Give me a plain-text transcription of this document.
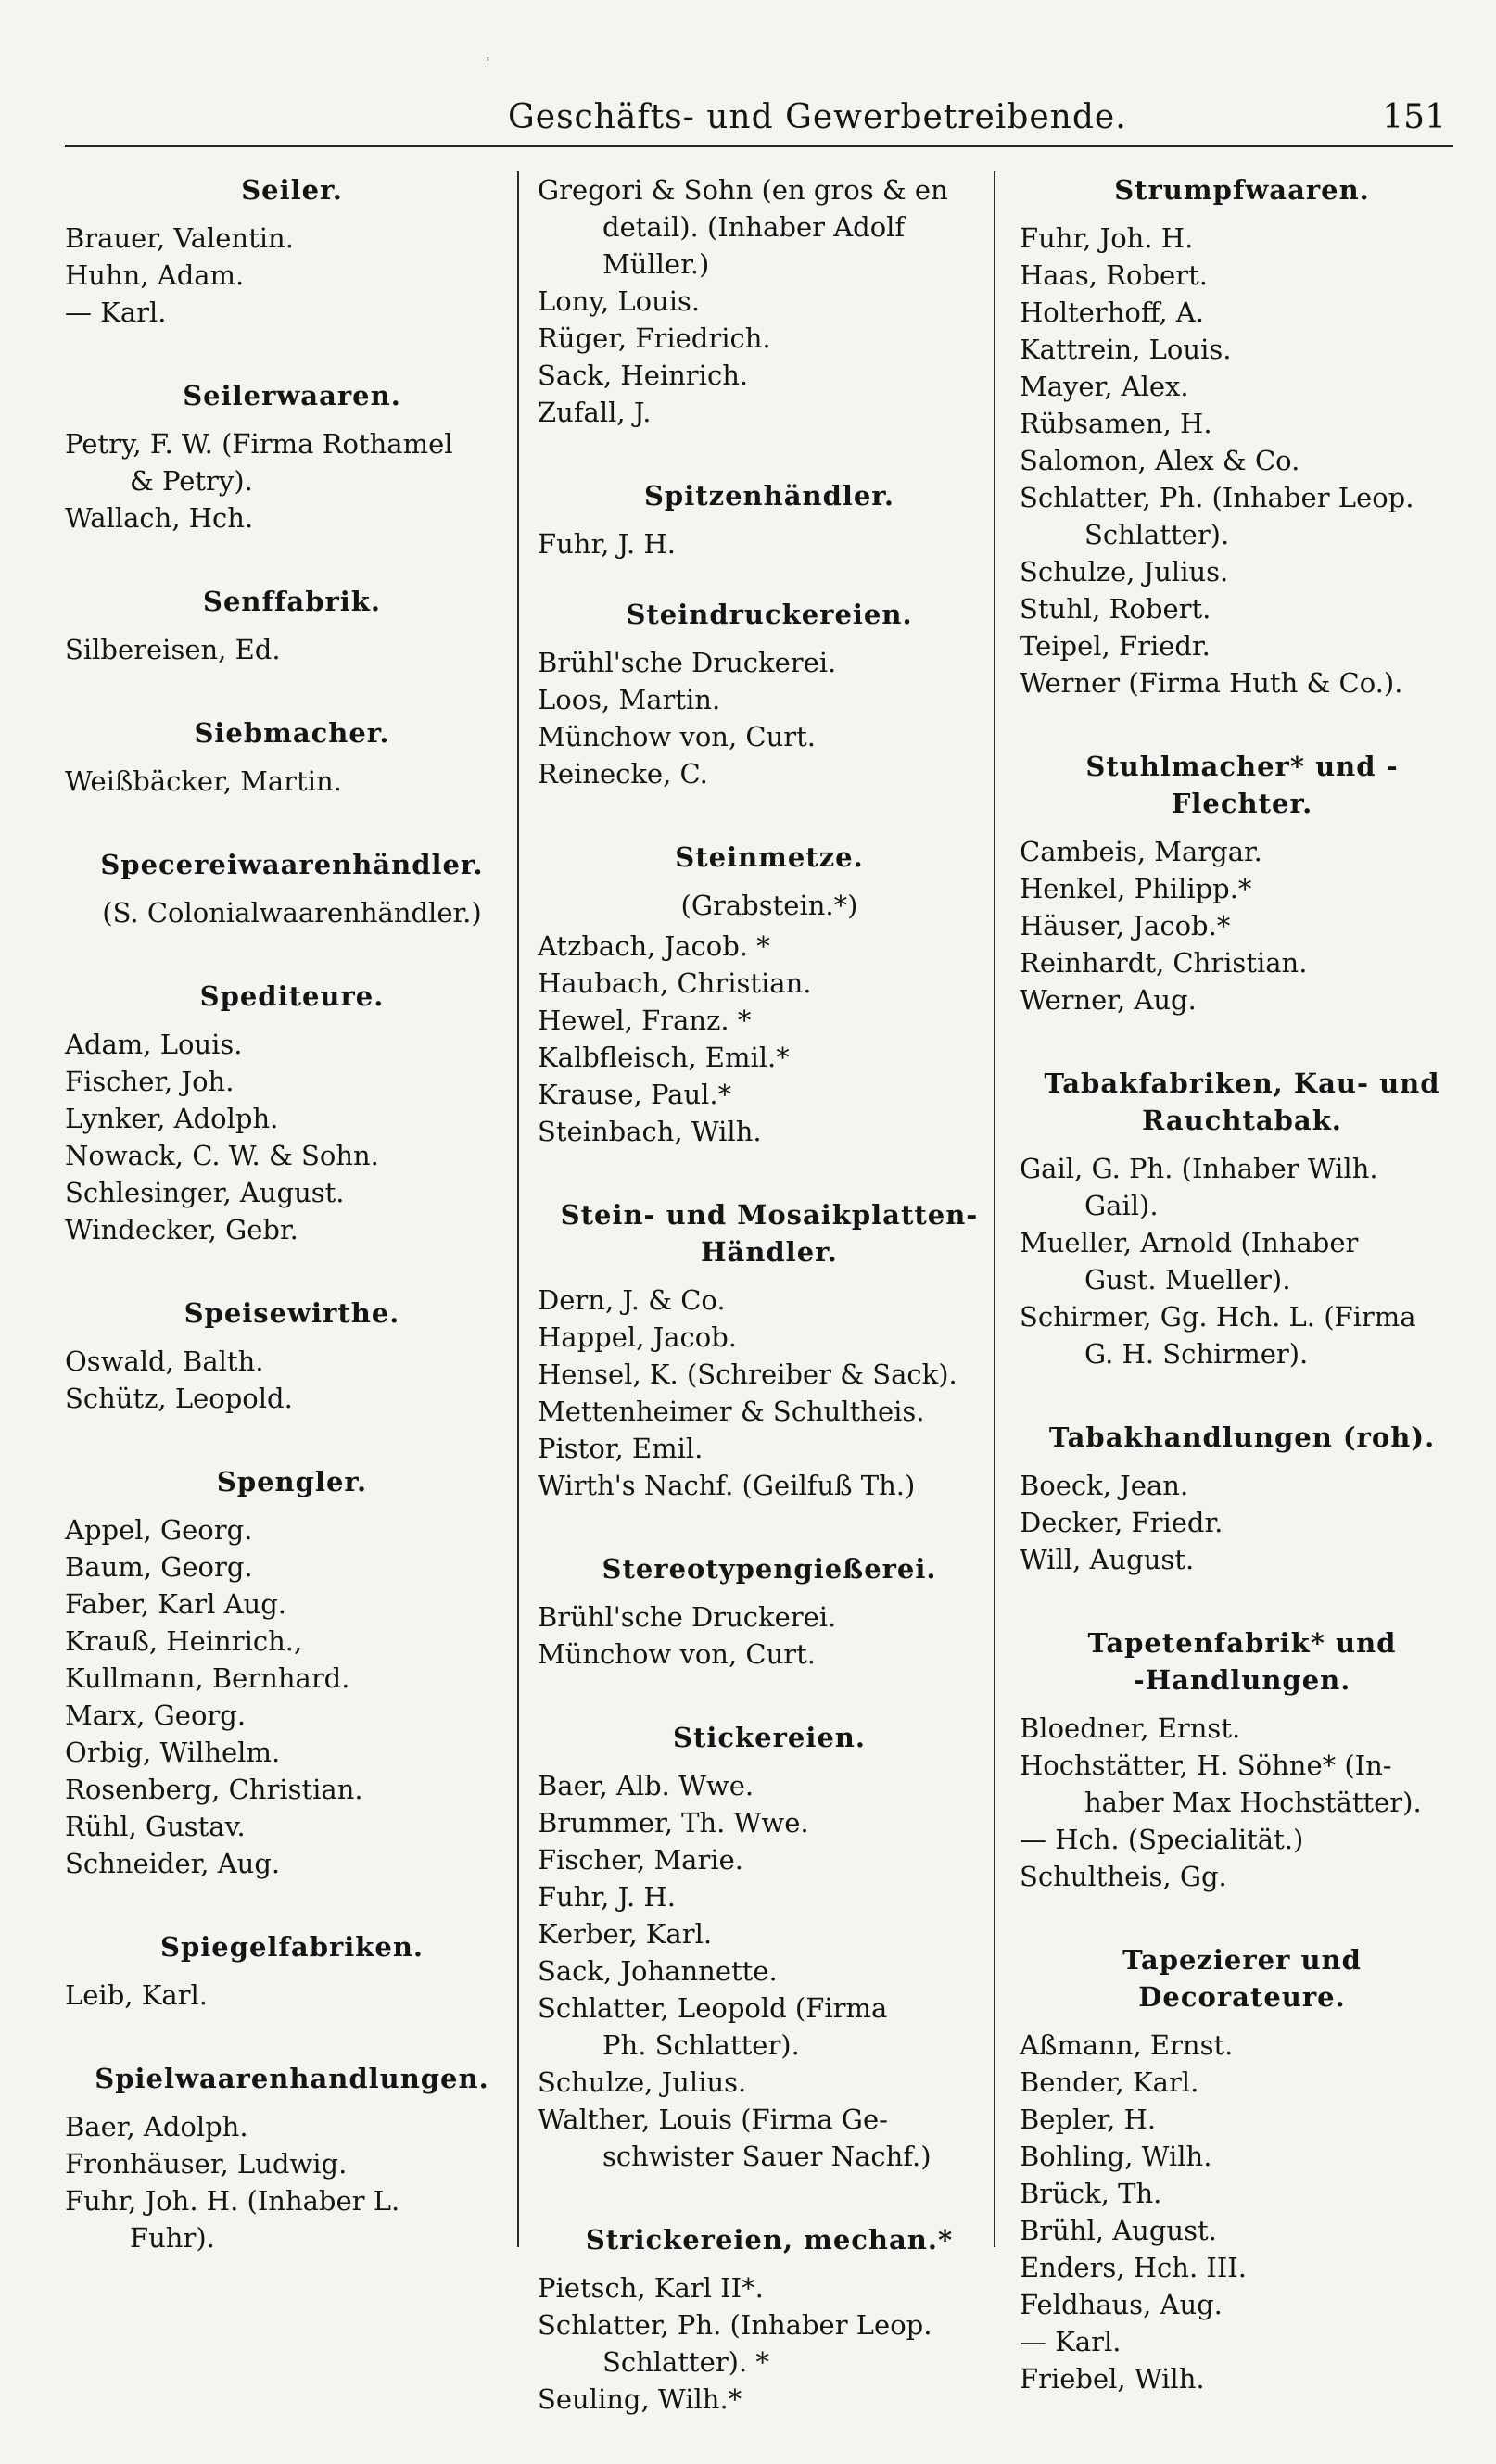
'
Geschäfts- und Gewerbetreibende.	151
Seiler.
Brauer, Valentin.
Huhn, Adam.
— Karl.
Seilerwaaren.
Petry, F. W. (Firma Rothamel
& Petry).
Wallach, Hch.
Senffabrik.
Silbereisen, Ed.
Siebmacher.
Weißbäcker, Martin.
Specereiwaarenhändler.
(S. Colonialwaarenhändler.)
Spediteure.
Adam, Louis.
Fischer, Joh.
Lynker, Adolph.
Nowack, C. W. & Sohn.
Schlesinger, August.
Windecker, Gebr.
Speisewirthe.
Oswald, Balth.
Schütz, Leopold.
Spengler.
Appel, Georg.
Baum, Georg.
Faber, Karl Aug.
Krauß, Heinrich.,
Kullmann, Bernhard.
Marx, Georg.
Orbig, Wilhelm.
Rosenberg, Christian.
Rühl, Gustav.
Schneider, Aug.
Spiegelfabriken.
Leib, Karl.
Spielwaarenhandlungen.
Baer, Adolph.
Fronhäuser, Ludwig.
Fuhr, Joh. H. (Inhaber L.
Fuhr).
Gregori & Sohn (en gros & en
detail). (Inhaber Adolf
Müller.)
Lony, Louis.
Rüger, Friedrich.
Sack, Heinrich.
Zufall, J.
Spitzenhändler.
Fuhr, J. H.
Steindruckereien.
Brühl'sche Druckerei.
Loos, Martin.
Münchow von, Curt.
Reinecke, C.
Steinmetze.
(Grabstein.*)
Atzbach, Jacob. *
Haubach, Christian.
Hewel, Franz. *
Kalbfleisch, Emil.*
Krause, Paul.*
Steinbach, Wilh.
Stein- und Mosaikplatten-
Händler.
Dern, J. & Co.
Happel, Jacob.
Hensel, K. (Schreiber & Sack).
Mettenheimer & Schultheis.
Pistor, Emil.
Wirth's Nachf. (Geilfuß Th.)
Stereotypengießerei.
Brühl'sche Druckerei.
Münchow von, Curt.
Stickereien.
Baer, Alb. Wwe.
Brummer, Th. Wwe.
Fischer, Marie.
Fuhr, J. H.
Kerber, Karl.
Sack, Johannette.
Schlatter, Leopold (Firma
Ph. Schlatter).
Schulze, Julius.
Walther, Louis (Firma Ge-
schwister Sauer Nachf.)
Strickereien, mechan.*
Pietsch, Karl II*.
Schlatter, Ph. (Inhaber Leop.
Schlatter). *
Seuling, Wilh.*
Strumpfwaaren.
Fuhr, Joh. H.
Haas, Robert.
Holterhoff, A.
Kattrein, Louis.
Mayer, Alex.
Rübsamen, H.
Salomon, Alex & Co.
Schlatter, Ph. (Inhaber Leop.
Schlatter).
Schulze, Julius.
Stuhl, Robert.
Teipel, Friedr.
Werner (Firma Huth & Co.).
Stuhlmacher* und -Flechter.
Cambeis, Margar.
Henkel, Philipp.*
Häuser, Jacob.*
Reinhardt, Christian.
Werner, Aug.
Tabakfabriken, Kau- und
Rauchtabak.
Gail, G. Ph. (Inhaber Wilh.
Gail).
Mueller, Arnold (Inhaber
Gust. Mueller).
Schirmer, Gg. Hch. L. (Firma
G. H. Schirmer).
Tabakhandlungen (roh).
Boeck, Jean.
Decker, Friedr.
Will, August.
Tapetenfabrik* und
-Handlungen.
Bloedner, Ernst.
Hochstätter, H. Söhne* (In-
haber Max Hochstätter).
— Hch. (Specialität.)
Schultheis, Gg.
Tapezierer und Decorateure.
Aßmann, Ernst.
Bender, Karl.
Bepler, H.
Bohling, Wilh.
Brück, Th.
Brühl, August.
Enders, Hch. III.
Feldhaus, Aug.
— Karl.
Friebel, Wilh.
